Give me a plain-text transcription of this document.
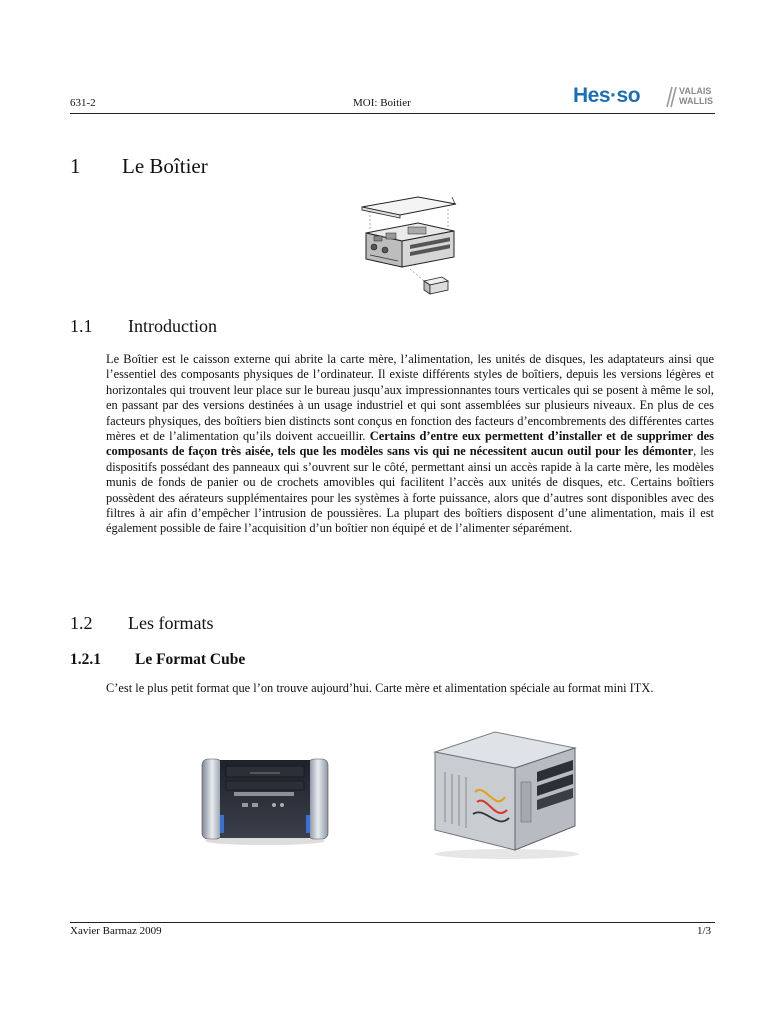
631-2	MOI: Boitier	Hes·so	VALAIS
WALLIS
1 Le Boîtier
1.1 Introduction

Le Boîtier est le caisson externe qui abrite la carte mère, l’alimentation, les unités de disques, les adaptateurs ainsi que l’essentiel des composants physiques de l’ordinateur. Il existe différents styles de boîtiers, depuis les versions légères et horizontales qui trouvent leur place sur le bureau jusqu’aux impressionnantes tours verticales qui se posent à même le sol, en passant par des versions destinées à un usage industriel et qui sont assemblées sur plusieurs niveaux. En plus de ces facteurs physiques, des boîtiers bien distincts sont conçus en fonction des facteurs d’encombrements des différentes cartes mères et de l’alimentation qu’ils doivent accueillir. Certains d’entre eux permettent d’installer et de supprimer des composants de façon très aisée, tels que les modèles sans vis qui ne nécessitent aucun outil pour les démonter, les dispositifs possédant des panneaux qui s’ouvrent sur le côté, permettant ainsi un accès rapide à la carte mère, les modèles munis de fonds de panier ou de crochets amovibles qui facilitent l’accès aux unités de disques, etc. Certains boîtiers possèdent des aérateurs supplémentaires pour les systèmes à forte puissance, alors que d’autres sont disponibles avec des filtres à air afin d’empêcher l’intrusion de poussières. La plupart des boîtiers disposent d’une alimentation, mais il est également possible de faire l’acquisition d’un boîtier non équipé et de l’alimenter séparément.

1.2 Les formats
1.2.1 Le Format Cube

C’est le plus petit format que l’on trouve aujourd’hui. Carte mère et alimentation spéciale au format mini ITX.

Xavier Barmaz 2009	1/3
